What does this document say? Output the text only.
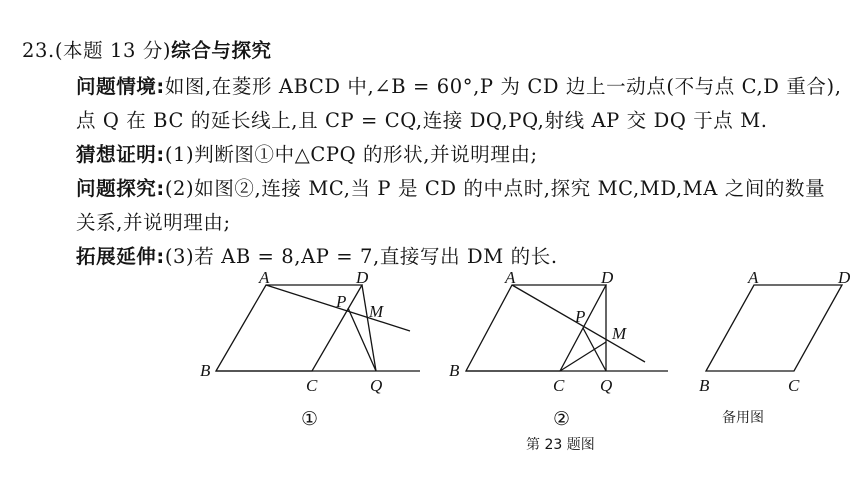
23.(本题 13 分)综合与探究
问题情境:如图,在菱形 ABCD 中,∠B = 60°,P 为 CD 边上一动点(不与点 C,D 重合),
点 Q 在 BC 的延长线上,且 CP = CQ,连接 DQ,PQ,射线 AP 交 DQ 于点 M.
猜想证明:(1)判断图①中△CPQ 的形状,并说明理由;
问题探究:(2)如图②,连接 MC,当 P 是 CD 的中点时,探究 MC,MD,MA 之间的数量
关系,并说明理由;
拓展延伸:(3)若 AB = 8,AP = 7,直接写出 DM 的长.
A	D
P
M
B
C	Q
①
A	D
P
M
B
C Q
②
A	D
B	C
备用图
第 23 题图
